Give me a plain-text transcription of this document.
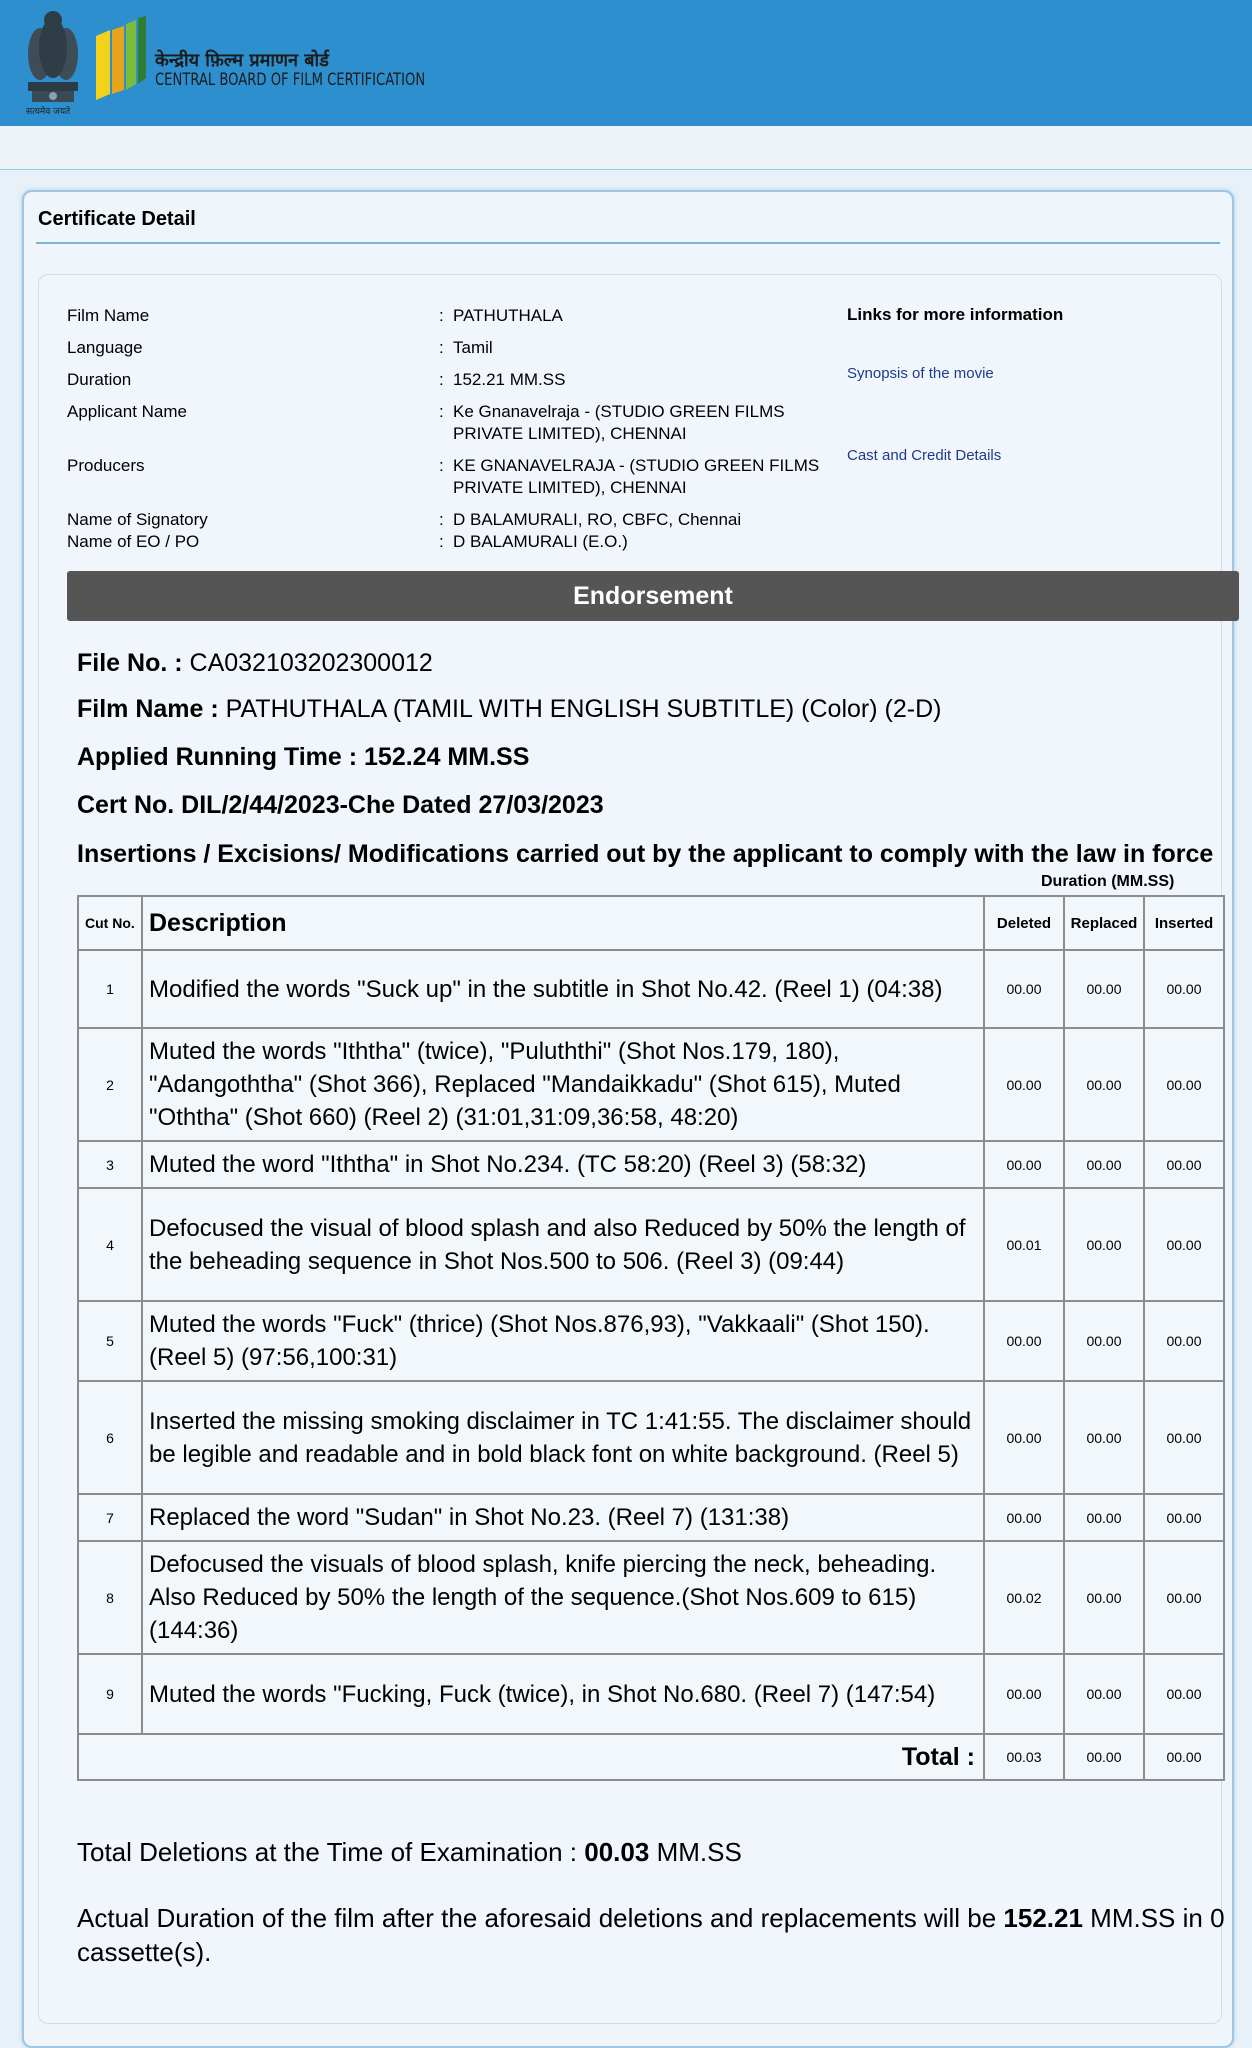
सत्यमेव जयते
केन्द्रीय फ़िल्म प्रमाणन बोर्ड
CENTRAL BOARD OF FILM CERTIFICATION
Certificate Detail
Film Name	: PATHUTHALA
Language	: Tamil
Duration	: 152.21 MM.SS
Applicant Name	: Ke Gnanavelraja - (STUDIO GREEN FILMS PRIVATE LIMITED), CHENNAI
Producers	: KE GNANAVELRAJA - (STUDIO GREEN FILMS PRIVATE LIMITED), CHENNAI
Name of Signatory	: D BALAMURALI, RO, CBFC, Chennai
Name of EO / PO	: D BALAMURALI (E.O.)
Links for more information
Synopsis of the movie
Cast and Credit Details
Endorsement
File No. : CA032103202300012
Film Name : PATHUTHALA (TAMIL WITH ENGLISH SUBTITLE) (Color) (2-D)
Applied Running Time : 152.24 MM.SS
Cert No. DIL/2/44/2023-Che Dated 27/03/2023
Insertions / Excisions/ Modifications carried out by the applicant to comply with the law in force
Duration (MM.SS)
Cut No.	Description	Deleted	Replaced	Inserted
1	Modified the words "Suck up" in the subtitle in Shot No.42. (Reel 1) (04:38)	00.00	00.00	00.00
2	Muted the words "Iththa" (twice), "Puluththi" (Shot Nos.179, 180), "Adangoththa" (Shot 366), Replaced "Mandaikkadu" (Shot 615), Muted "Oththa" (Shot 660) (Reel 2) (31:01,31:09,36:58, 48:20)	00.00	00.00	00.00
3	Muted the word "Iththa" in Shot No.234. (TC 58:20) (Reel 3) (58:32)	00.00	00.00	00.00
4	Defocused the visual of blood splash and also Reduced by 50% the length of the beheading sequence in Shot Nos.500 to 506. (Reel 3) (09:44)	00.01	00.00	00.00
5	Muted the words "Fuck" (thrice) (Shot Nos.876,93), "Vakkaali" (Shot 150). (Reel 5) (97:56,100:31)	00.00	00.00	00.00
6	Inserted the missing smoking disclaimer in TC 1:41:55. The disclaimer should be legible and readable and in bold black font on white background. (Reel 5)	00.00	00.00	00.00
7	Replaced the word "Sudan" in Shot No.23. (Reel 7) (131:38)	00.00	00.00	00.00
8	Defocused the visuals of blood splash, knife piercing the neck, beheading. Also Reduced by 50% the length of the sequence.(Shot Nos.609 to 615) (144:36)	00.02	00.00	00.00
9	Muted the words "Fucking, Fuck (twice), in Shot No.680. (Reel 7) (147:54)	00.00	00.00	00.00
Total :		00.03	00.00	00.00
Total Deletions at the Time of Examination : 00.03 MM.SS
Actual Duration of the film after the aforesaid deletions and replacements will be 152.21 MM.SS in 0 cassette(s).
